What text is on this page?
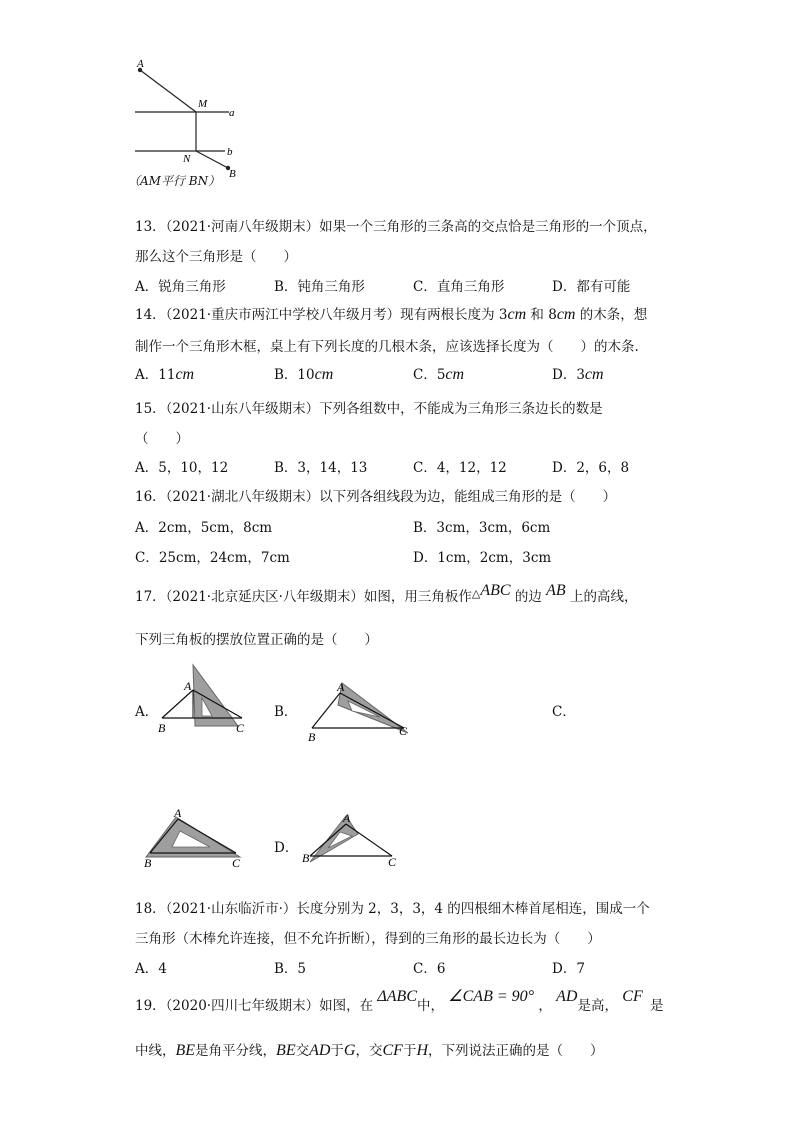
A
M
a
N
b
B
（AM平行 BN）
13．（2021·河南八年级期末）如果一个三角形的三条高的交点恰是三角形的一个顶点，
那么这个三角形是（　　）
A．锐角三角形	B．钝角三角形	C．直角三角形	D．都有可能
14．（2021·重庆市两江中学校八年级月考）现有两根长度为 3cm 和 8cm 的木条，想
制作一个三角形木框，桌上有下列长度的几根木条，应该选择长度为（　　）的木条.
A．11cm	B．10cm	C．5cm	D．3cm
15．（2021·山东八年级期末）下列各组数中，不能成为三角形三条边长的数是
（　　）
A．5，10，12	B．3，14，13	C．4，12，12	D．2，6，8
16．（2021·湖北八年级期末）以下列各组线段为边，能组成三角形的是（　　）
A．2cm，5cm，8cm	B．3cm，3cm，6cm
C．25cm，24cm，7cm	D．1cm，2cm，3cm
17．（2021·北京延庆区·八年级期末）如图，用三角板作△ABC 的边 AB 上的高线，
下列三角板的摆放位置正确的是（　　）
A．	B．	C．
D．
A
B	C
A
B	C
A
B	C
A
B	C
18．（2021·山东临沂市·）长度分别为 2，3，3，4 的四根细木棒首尾相连，围成一个
三角形（木棒允许连接，但不允许折断），得到的三角形的最长边长为（　　）
A．4	B．5	C．6	D．7
19．（2020·四川七年级期末）如图，在 ΔABC中， ∠CAB = 90° ， AD是高， CF
是
中线，BE是角平分线，BE交AD于G，交CF于H，下列说法正确的是（　　）
